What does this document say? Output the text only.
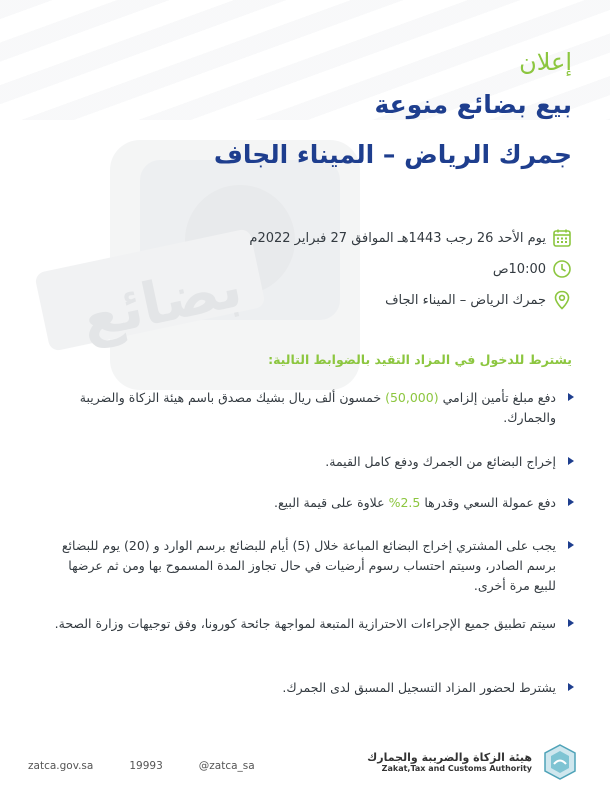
بضائع
إعلان
بيع بضائع منوعة
جمرك الرياض – الميناء الجاف
يوم الأحد 26 رجب 1443هـ الموافق 27 فبراير 2022م
10:00ص
جمرك الرياض – الميناء الجاف
يشترط للدخول في المزاد التقيد بالضوابط التالية:
دفع مبلغ تأمين إلزامي (50,000) خمسون ألف ريال بشيك مصدق باسم هيئة الزكاة والضريبة والجمارك.
إخراج البضائع من الجمرك ودفع كامل القيمة.
دفع عمولة السعي وقدرها 2.5% علاوة على قيمة البيع.
يجب على المشتري إخراج البضائع المباعة خلال (5) أيام للبضائع برسم الوارد و (20) يوم للبضائع برسم الصادر، وسيتم احتساب رسوم أرضيات في حال تجاوز المدة المسموح بها ومن ثم عرضها للبيع مرة أخرى.
سيتم تطبيق جميع الإجراءات الاحترازية المتبعة لمواجهة جائحة كورونا، وفق توجيهات وزارة الصحة.
يشترط لحضور المزاد التسجيل المسبق لدى الجمرك.
zatca.gov.sa	19993	@zatca_sa
هيئة الزكاة والضريبة والجمارك
Zakat,Tax and Customs Authority
